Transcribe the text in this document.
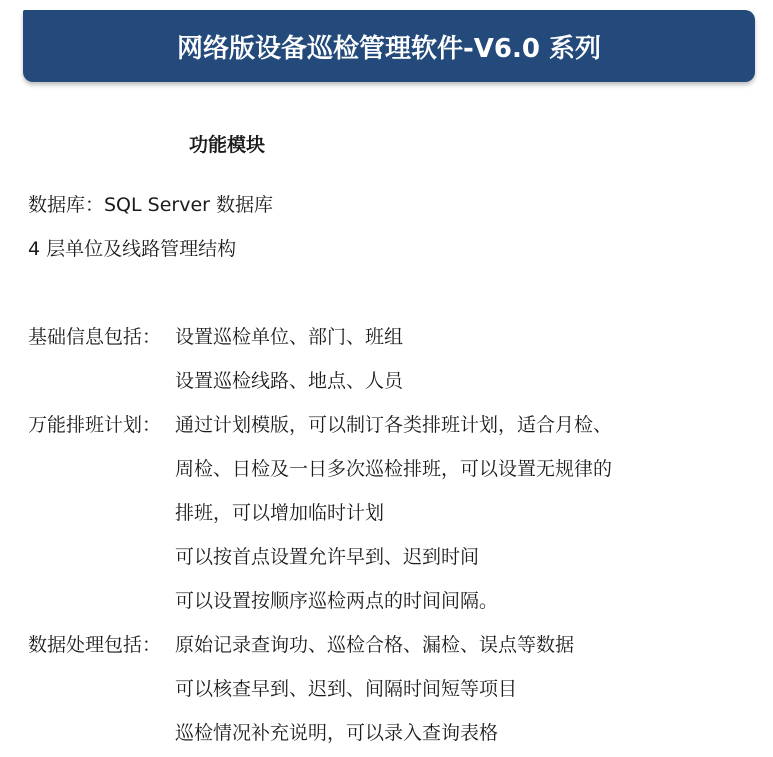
网络版设备巡检管理软件-V6.0 系列
功能模块
数据库：SQL Server 数据库
4 层单位及线路管理结构
基础信息包括： 设置巡检单位、部门、班组
设置巡检线路、地点、人员
万能排班计划： 通过计划模版，可以制订各类排班计划，适合月检、
周检、日检及一日多次巡检排班，可以设置无规律的
排班，可以增加临时计划
可以按首点设置允许早到、迟到时间
可以设置按顺序巡检两点的时间间隔。
数据处理包括： 原始记录查询功、巡检合格、漏检、误点等数据
可以核查早到、迟到、间隔时间短等项目
巡检情况补充说明，可以录入查询表格
